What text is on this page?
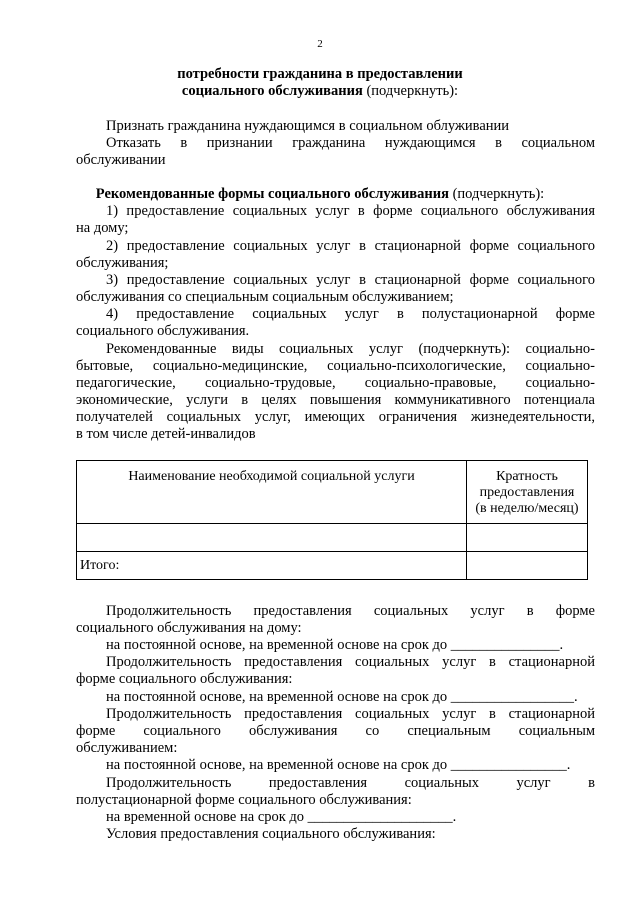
2
потребности гражданина в предоставлении
социального обслуживания (подчеркнуть):
Признать гражданина нуждающимся в социальном облуживании
Отказать в признании гражданина нуждающимся в социальном
обслуживании
Рекомендованные формы социального обслуживания (подчеркнуть):
1) предоставление социальных услуг в форме социального обслуживания
на дому;
2) предоставление социальных услуг в стационарной форме социального
обслуживания;
3) предоставление социальных услуг в стационарной форме социального
обслуживания со специальным социальным обслуживанием;
4) предоставление социальных услуг в полустационарной форме
социального обслуживания.
Рекомендованные виды социальных услуг (подчеркнуть): социально-
бытовые, социально-медицинские, социально-психологические, социально-
педагогические, социально-трудовые, социально-правовые, социально-
экономические, услуги в целях повышения коммуникативного потенциала
получателей социальных услуг, имеющих ограничения жизнедеятельности,
в том числе детей-инвалидов
Наименование необходимой социальной услуги	Кратность
предоставления
(в неделю/месяц)

Итого:	
Продолжительность предоставления социальных услуг в форме
социального обслуживания на дому:
на постоянной основе, на временной основе на срок до _______________.
Продолжительность предоставления социальных услуг в стационарной
форме социального обслуживания:
на постоянной основе, на временной основе на срок до _________________.
Продолжительность предоставления социальных услуг в стационарной
форме социального обслуживания со специальным социальным
обслуживанием:
на постоянной основе, на временной основе на срок до ________________.
Продолжительность предоставления социальных услуг в
полустационарной форме социального обслуживания:
на временной основе на срок до ____________________.
Условия предоставления социального обслуживания:
